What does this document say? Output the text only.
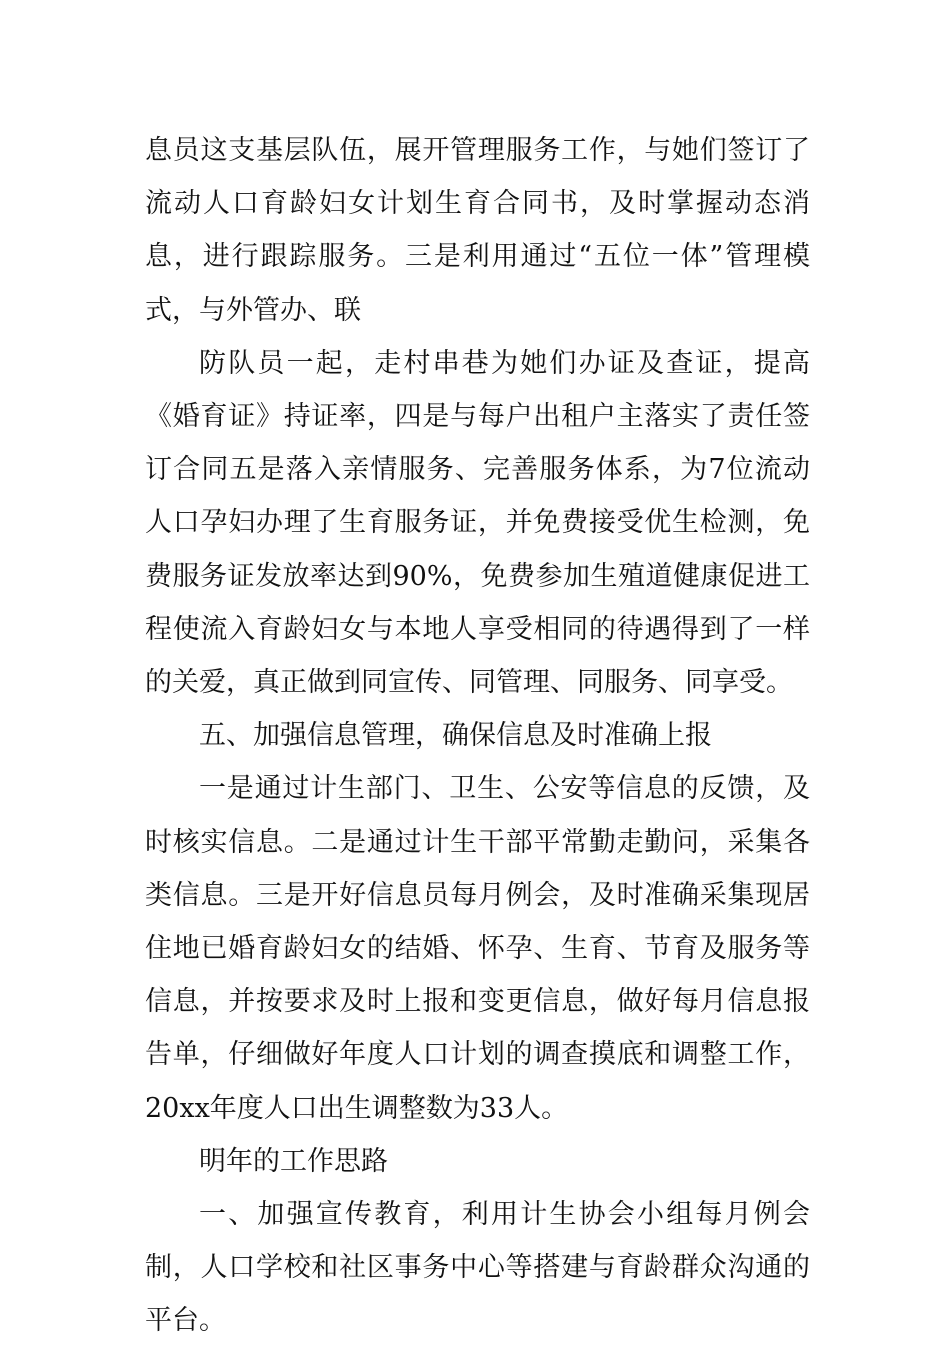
息员这支基层队伍，展开管理服务工作，与她们签订了流动人口育龄妇女计划生育合同书，及时掌握动态消息，进行跟踪服务。三是利用通过“五位一体”管理模式，与外管办、联

防队员一起，走村串巷为她们办证及查证，提高《婚育证》持证率，四是与每户出租户主落实了责任签订合同五是落入亲情服务、完善服务体系，为7位流动人口孕妇办理了生育服务证，并免费接受优生检测，免费服务证发放率达到90%，免费参加生殖道健康促进工程使流入育龄妇女与本地人享受相同的待遇得到了一样的关爱，真正做到同宣传、同管理、同服务、同享受。

五、加强信息管理，确保信息及时准确上报

一是通过计生部门、卫生、公安等信息的反馈，及时核实信息。二是通过计生干部平常勤走勤问，采集各类信息。三是开好信息员每月例会，及时准确采集现居住地已婚育龄妇女的结婚、怀孕、生育、节育及服务等信息，并按要求及时上报和变更信息，做好每月信息报告单，仔细做好年度人口计划的调查摸底和调整工作，20xx年度人口出生调整数为33人。

明年的工作思路

一、加强宣传教育，利用计生协会小组每月例会制，人口学校和社区事务中心等搭建与育龄群众沟通的平台。
